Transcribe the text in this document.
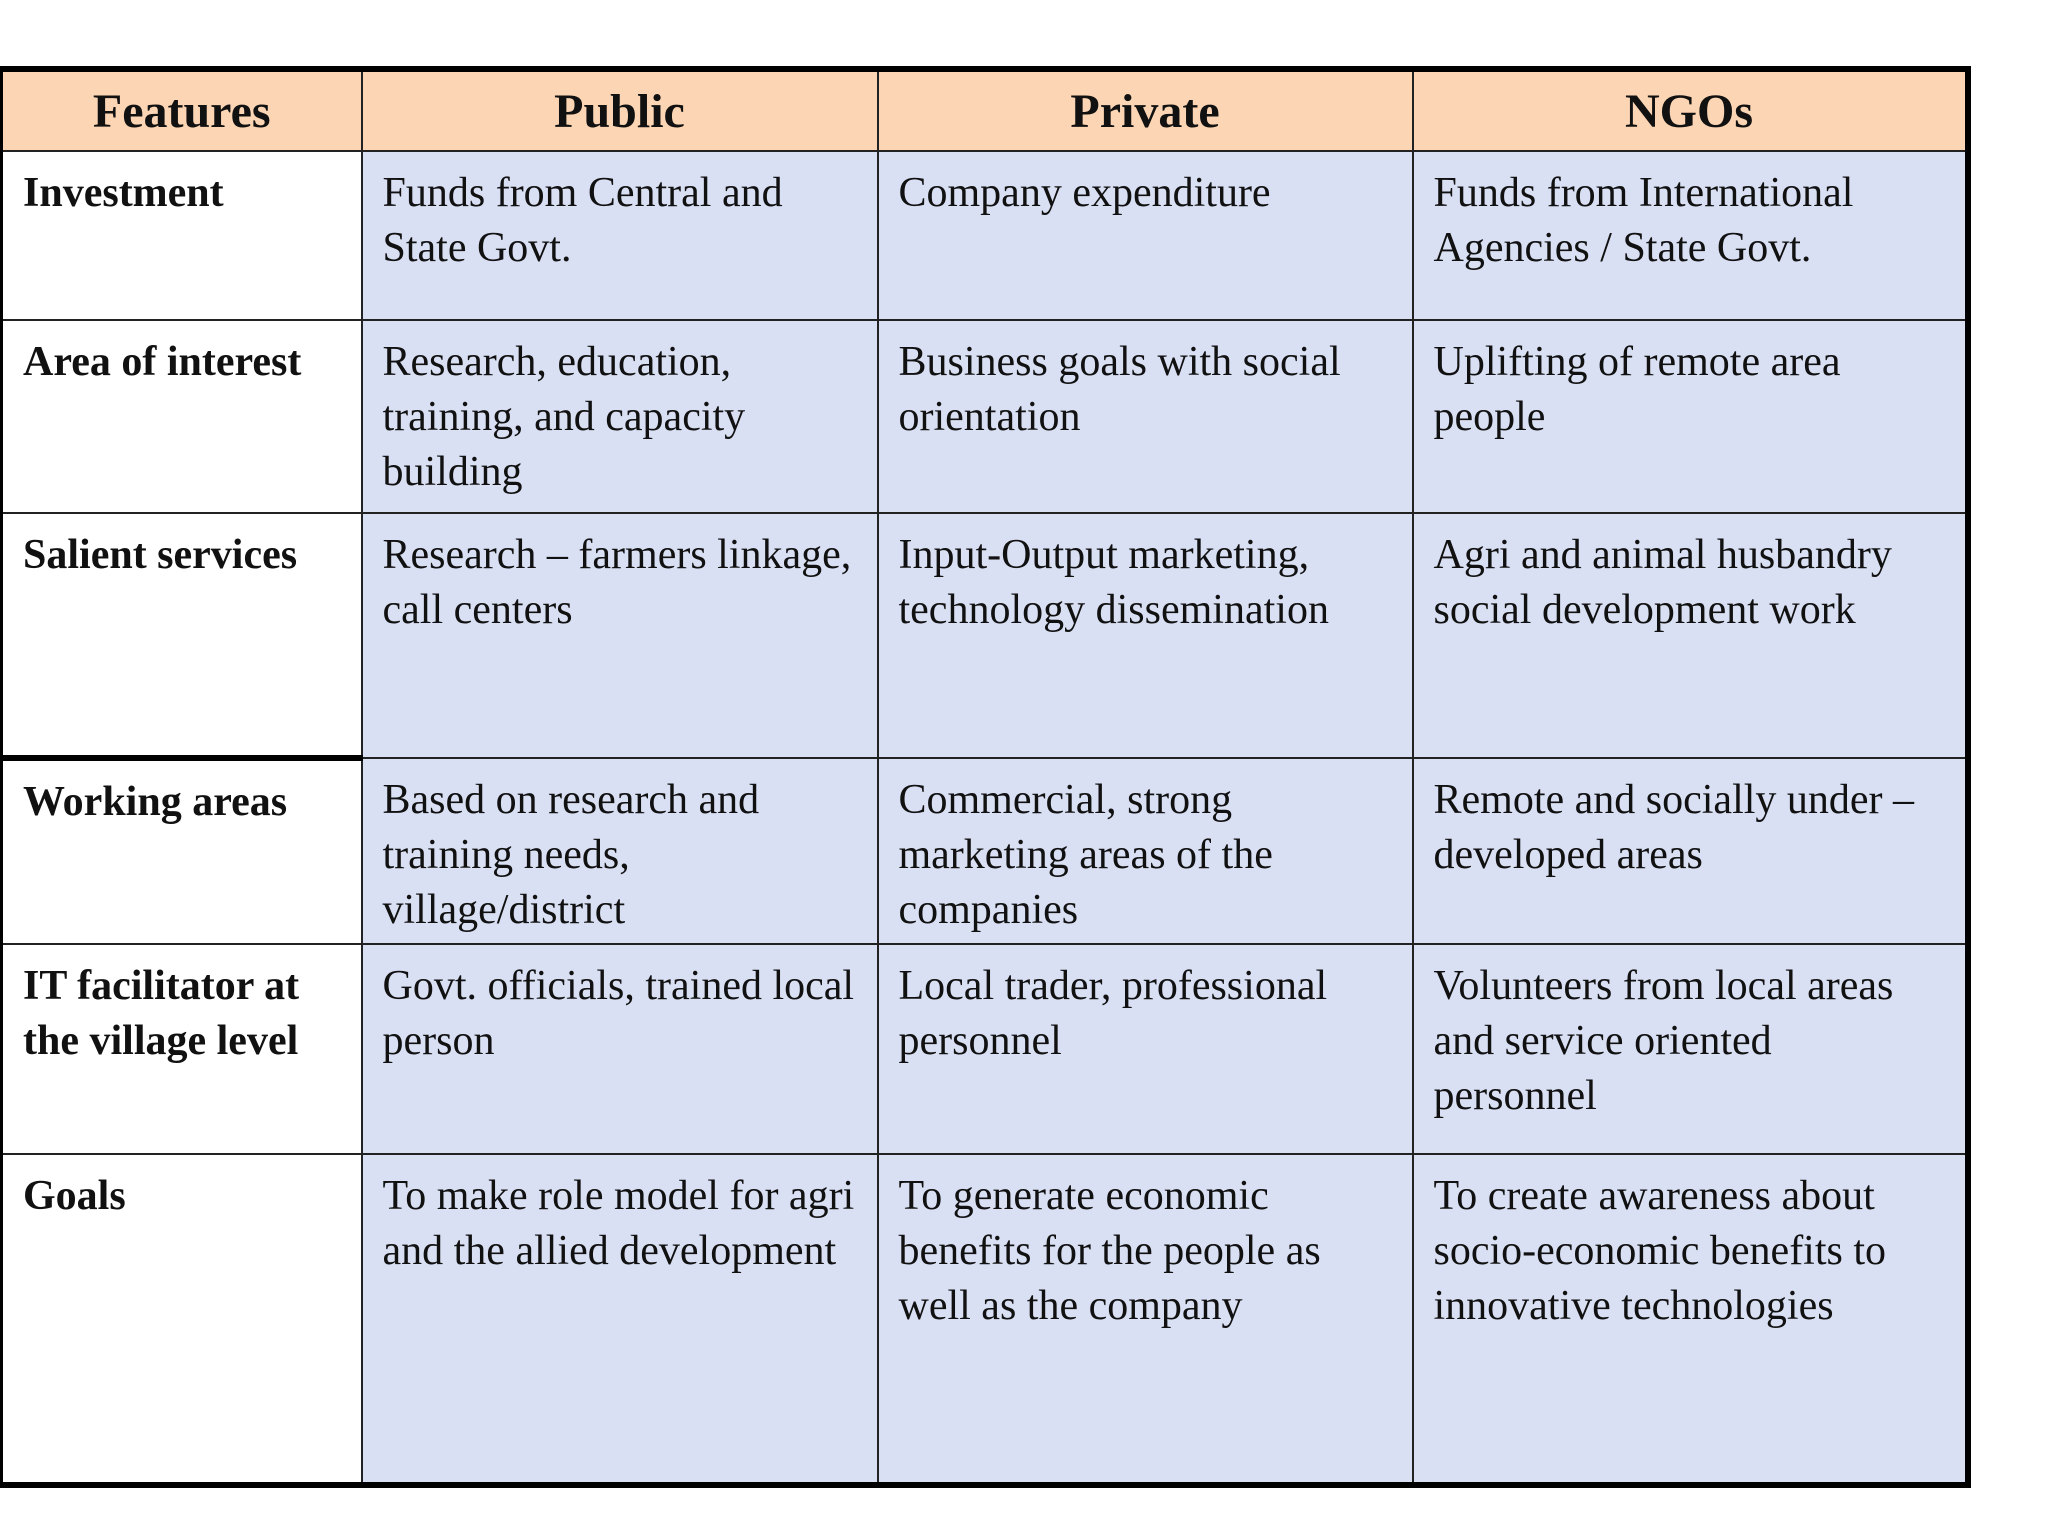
Features	Public	Private	NGOs
Investment	Funds from Central and State Govt.	Company expenditure	Funds from International Agencies / State Govt.
Area of interest	Research, education, training, and capacity building	Business goals with social orientation	Uplifting of remote area people
Salient services	Research – farmers linkage, call centers	Input-Output marketing, technology dissemination	Agri and animal husbandry social development work
Working areas	Based on research and training needs, village/district	Commercial, strong marketing areas of the companies	Remote and socially under – developed areas
IT facilitator at the village level	Govt. officials, trained local person	Local trader, professional personnel	Volunteers from local areas and service oriented personnel
Goals	To make role model for agri and the allied development	To generate economic benefits for the people as well as the company	To create awareness about socio-economic benefits to innovative technologies
